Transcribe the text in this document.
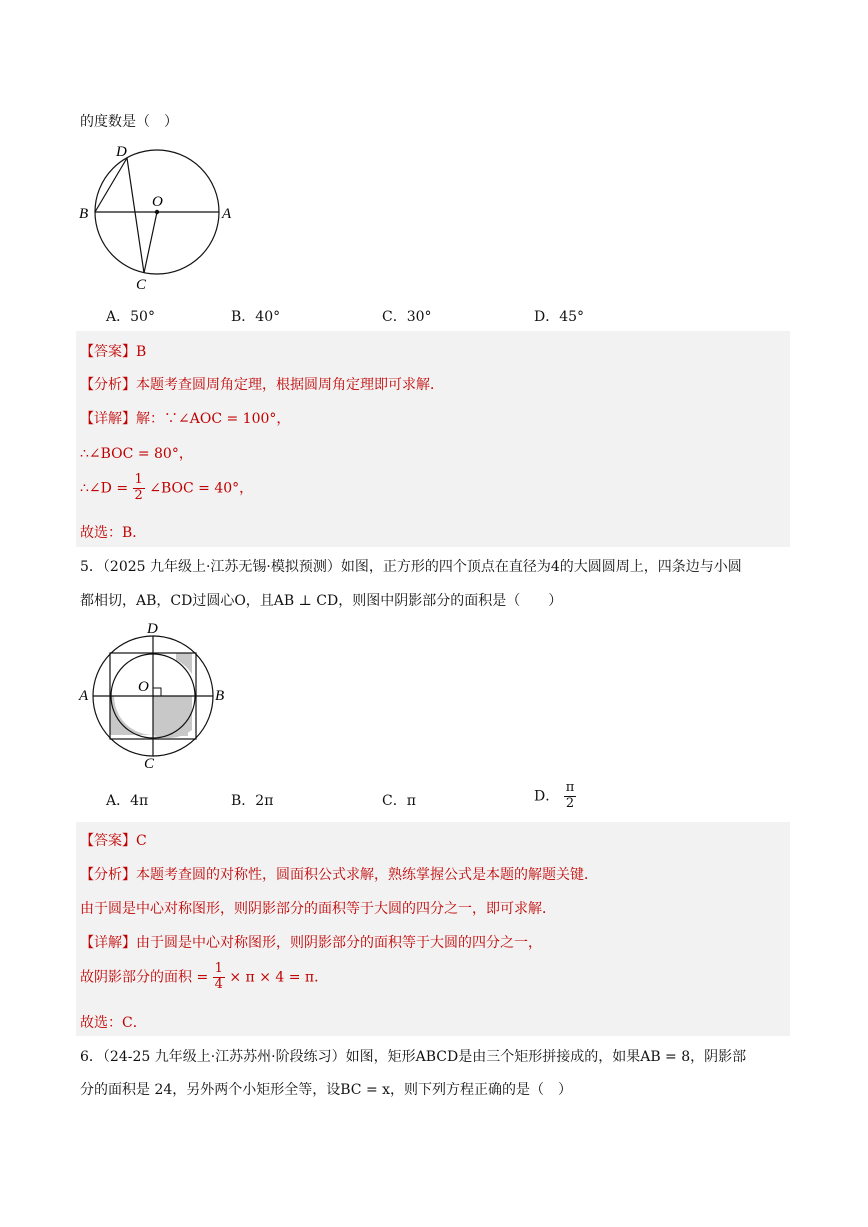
的度数是（　）
D
O
B	A
C
A．50°	B．40°	C．30°	D．45°
【答案】B
【分析】本题考查圆周角定理，根据圆周角定理即可求解．
【详解】解：∵∠AOC = 100°，
∴∠BOC = 80°，
∴∠D = $\frac{1}{2}$ ∠BOC = 40°，
故选：B．
5．（2025 九年级上·江苏无锡·模拟预测）如图，正方形的四个顶点在直径为4的大圆圆周上，四条边与小圆
都相切，AB，CD过圆心O，且AB ⊥ CD，则图中阴影部分的面积是（　　）
D
O
A	B
C
A．4π	B．2π	C．π	D． $\frac{\pi}{2}$
【答案】C
【分析】本题考查圆的对称性，圆面积公式求解，熟练掌握公式是本题的解题关键．
由于圆是中心对称图形，则阴影部分的面积等于大圆的四分之一，即可求解．
【详解】由于圆是中心对称图形，则阴影部分的面积等于大圆的四分之一，
故阴影部分的面积 = $\frac{1}{4} \times \pi \times 4 = \pi$．
故选：C．
6．（24-25 九年级上·江苏苏州·阶段练习）如图，矩形ABCD是由三个矩形拼接成的，如果AB = 8，阴影部
分的面积是 24，另外两个小矩形全等，设BC = x，则下列方程正确的是（　）
